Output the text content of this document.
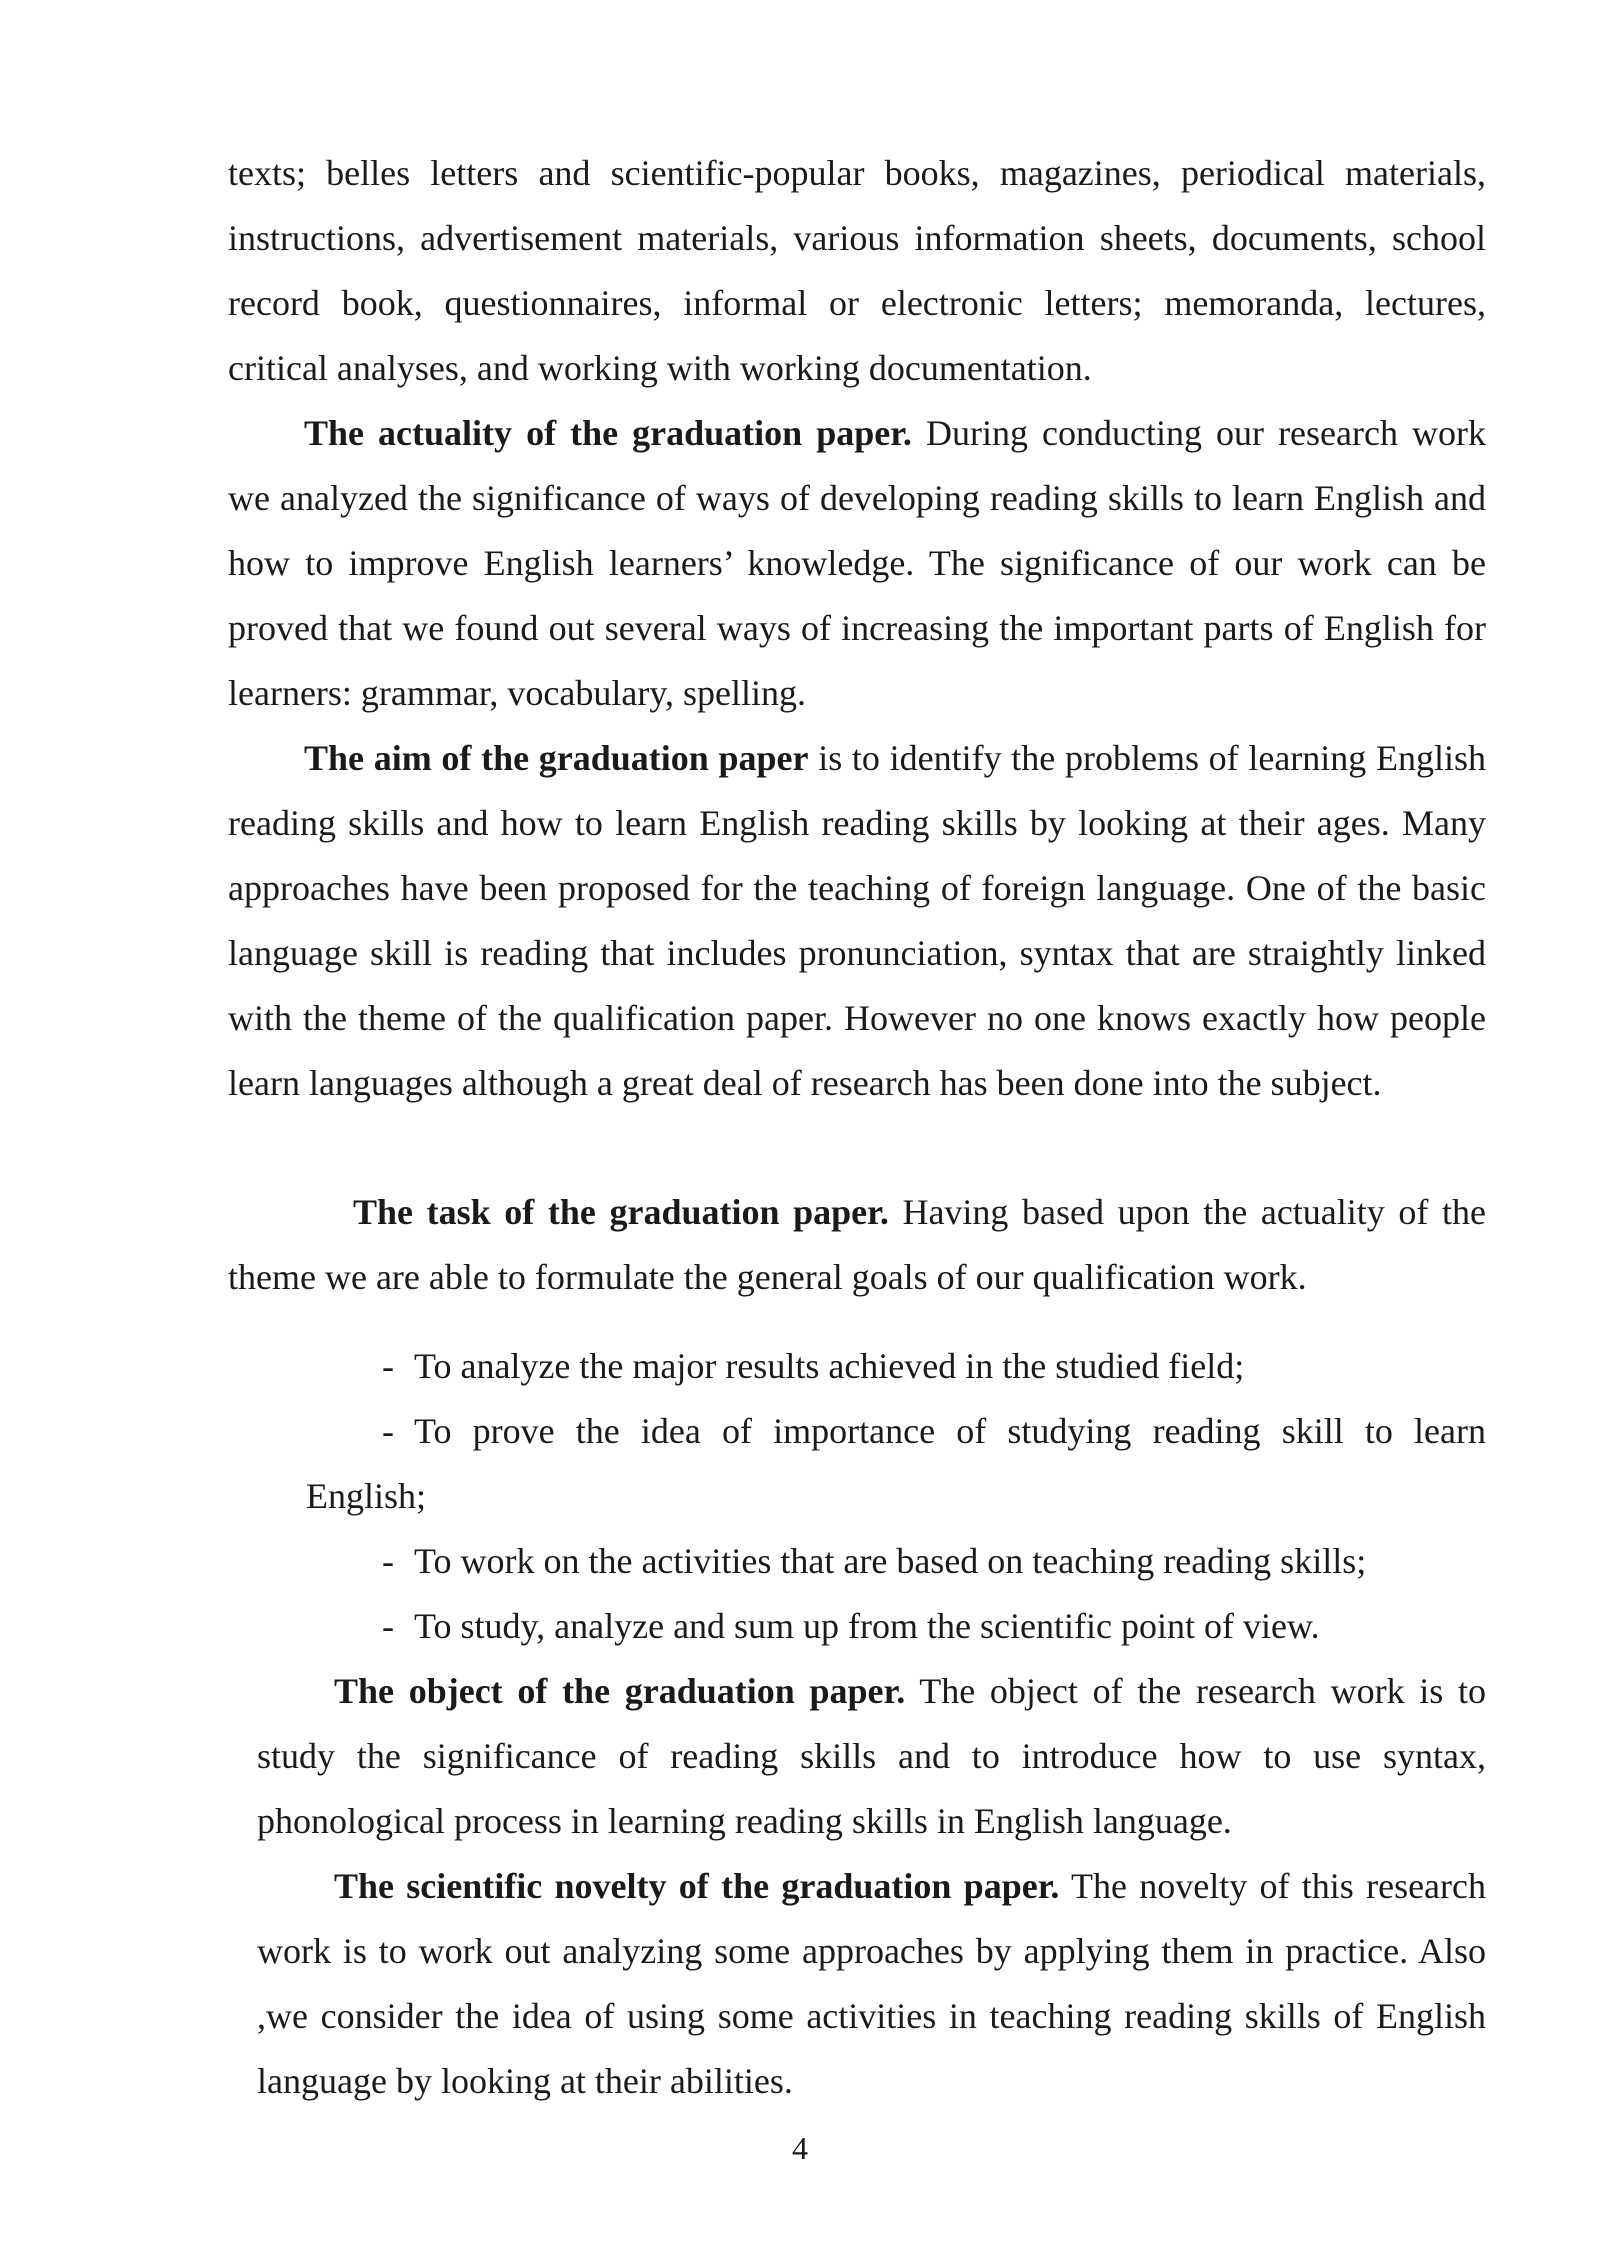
texts; belles letters and scientific-popular books, magazines, periodical materials, instructions, advertisement materials, various information sheets, documents, school record book, questionnaires, informal or electronic letters; memoranda, lectures, critical analyses, and working with working documentation.

The actuality of the graduation paper. During conducting our research work we analyzed the significance of ways of developing reading skills to learn English and how to improve English learners’ knowledge. The significance of our work can be proved that we found out several ways of increasing the important parts of English for learners: grammar, vocabulary, spelling.

The aim of the graduation paper is to identify the problems of learning English reading skills and how to learn English reading skills by looking at their ages. Many approaches have been proposed for the teaching of foreign language. One of the basic language skill is reading that includes pronunciation, syntax that are straightly linked with the theme of the qualification paper. However no one knows exactly how people learn languages although a great deal of research has been done into the subject.

The task of the graduation paper. Having based upon the actuality of the theme we are able to formulate the general goals of our qualification work.

- To analyze the major results achieved in the studied field;

- To prove the idea of importance of studying reading skill to learn

English;

- To work on the activities that are based on teaching reading skills;

- To study, analyze and sum up from the scientific point of view.

The object of the graduation paper. The object of the research work is to study the significance of reading skills and to introduce how to use syntax, phonological process in learning reading skills in English language.

The scientific novelty of the graduation paper. The novelty of this research work is to work out analyzing some approaches by applying them in practice. Also ,we consider the idea of using some activities in teaching reading skills of English language by looking at their abilities.

4
